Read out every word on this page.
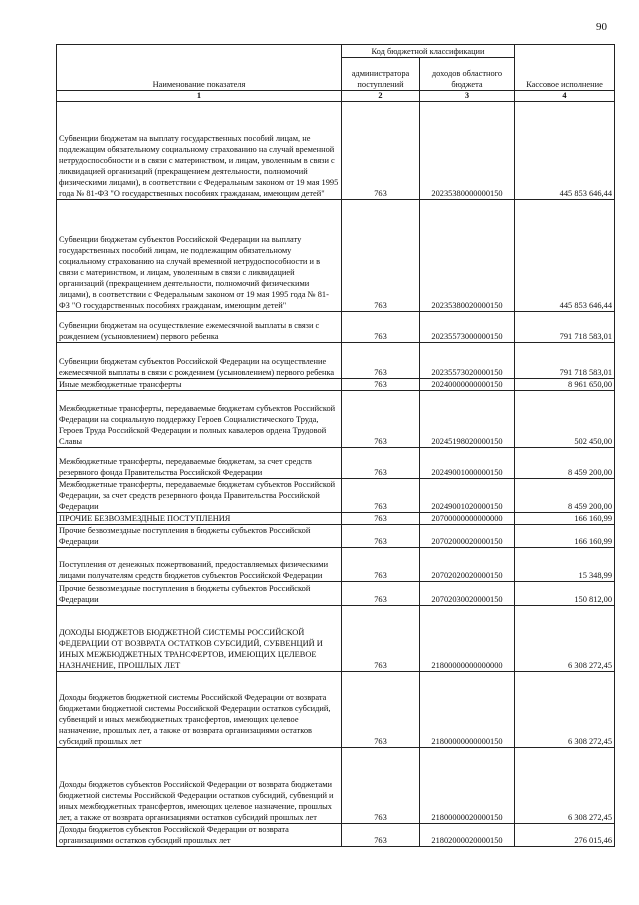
90
Наименование показателя	Код бюджетной классификации		Кассовое исполнение
	администратора поступлений	доходов областного бюджета	
1	2	3	4
Субвенции бюджетам на выплату государственных пособий лицам, не подлежащим обязательному социальному страхованию на случай временной нетрудоспособности и в связи с материнством, и лицам, уволенным в связи с ликвидацией организаций (прекращением деятельности, полномочий физическими лицами), в соответствии с Федеральным законом от 19 мая 1995 года № 81-ФЗ "О государственных пособиях гражданам, имеющим детей"	763	20235380000000150	445 853 646,44
Субвенции бюджетам субъектов Российской Федерации на выплату государственных пособий лицам, не подлежащим обязательному социальному страхованию на случай временной нетрудоспособности и в связи с материнством, и лицам, уволенным в связи с ликвидацией организаций (прекращением деятельности, полномочий физическими лицами), в соответствии с Федеральным законом от 19 мая 1995 года № 81-ФЗ "О государственных пособиях гражданам, имеющим детей"	763	20235380020000150	445 853 646,44
Субвенции бюджетам на осуществление ежемесячной выплаты в связи с рождением (усыновлением) первого ребенка	763	20235573000000150	791 718 583,01
Субвенции бюджетам субъектов Российской Федерации на осуществление ежемесячной выплаты в связи с рождением (усыновлением) первого ребенка	763	20235573020000150	791 718 583,01
Иные межбюджетные трансферты	763	20240000000000150	8 961 650,00
Межбюджетные трансферты, передаваемые бюджетам субъектов Российской Федерации на социальную поддержку Героев Социалистического Труда, Героев Труда Российской Федерации и полных кавалеров ордена Трудовой Славы	763	20245198020000150	502 450,00
Межбюджетные трансферты, передаваемые бюджетам, за счет средств резервного фонда Правительства Российской Федерации	763	20249001000000150	8 459 200,00
Межбюджетные трансферты, передаваемые бюджетам субъектов Российской Федерации, за счет средств резервного фонда Правительства Российской Федерации	763	20249001020000150	8 459 200,00
ПРОЧИЕ БЕЗВОЗМЕЗДНЫЕ ПОСТУПЛЕНИЯ	763	20700000000000000	166 160,99
Прочие безвозмездные поступления в бюджеты субъектов Российской Федерации	763	20702000020000150	166 160,99
Поступления от денежных пожертвований, предоставляемых физическими лицами получателям средств бюджетов субъектов Российской Федерации	763	20702020020000150	15 348,99
Прочие безвозмездные поступления в бюджеты субъектов Российской Федерации	763	20702030020000150	150 812,00
ДОХОДЫ БЮДЖЕТОВ БЮДЖЕТНОЙ СИСТЕМЫ РОССИЙСКОЙ ФЕДЕРАЦИИ ОТ ВОЗВРАТА ОСТАТКОВ СУБСИДИЙ, СУБВЕНЦИЙ И ИНЫХ МЕЖБЮДЖЕТНЫХ ТРАНСФЕРТОВ, ИМЕЮЩИХ ЦЕЛЕВОЕ НАЗНАЧЕНИЕ, ПРОШЛЫХ ЛЕТ	763	21800000000000000	6 308 272,45
Доходы бюджетов бюджетной системы Российской Федерации от возврата бюджетами бюджетной системы Российской Федерации остатков субсидий, субвенций и иных межбюджетных трансфертов, имеющих целевое назначение, прошлых лет, а также от возврата организациями остатков субсидий прошлых лет	763	21800000000000150	6 308 272,45
Доходы бюджетов субъектов Российской Федерации от возврата бюджетами бюджетной системы Российской Федерации остатков субсидий, субвенций и иных межбюджетных трансфертов, имеющих целевое назначение, прошлых лет, а также от возврата организациями остатков субсидий прошлых лет	763	21800000020000150	6 308 272,45
Доходы бюджетов субъектов Российской Федерации от возврата организациями остатков субсидий прошлых лет	763	21802000020000150	276 015,46
